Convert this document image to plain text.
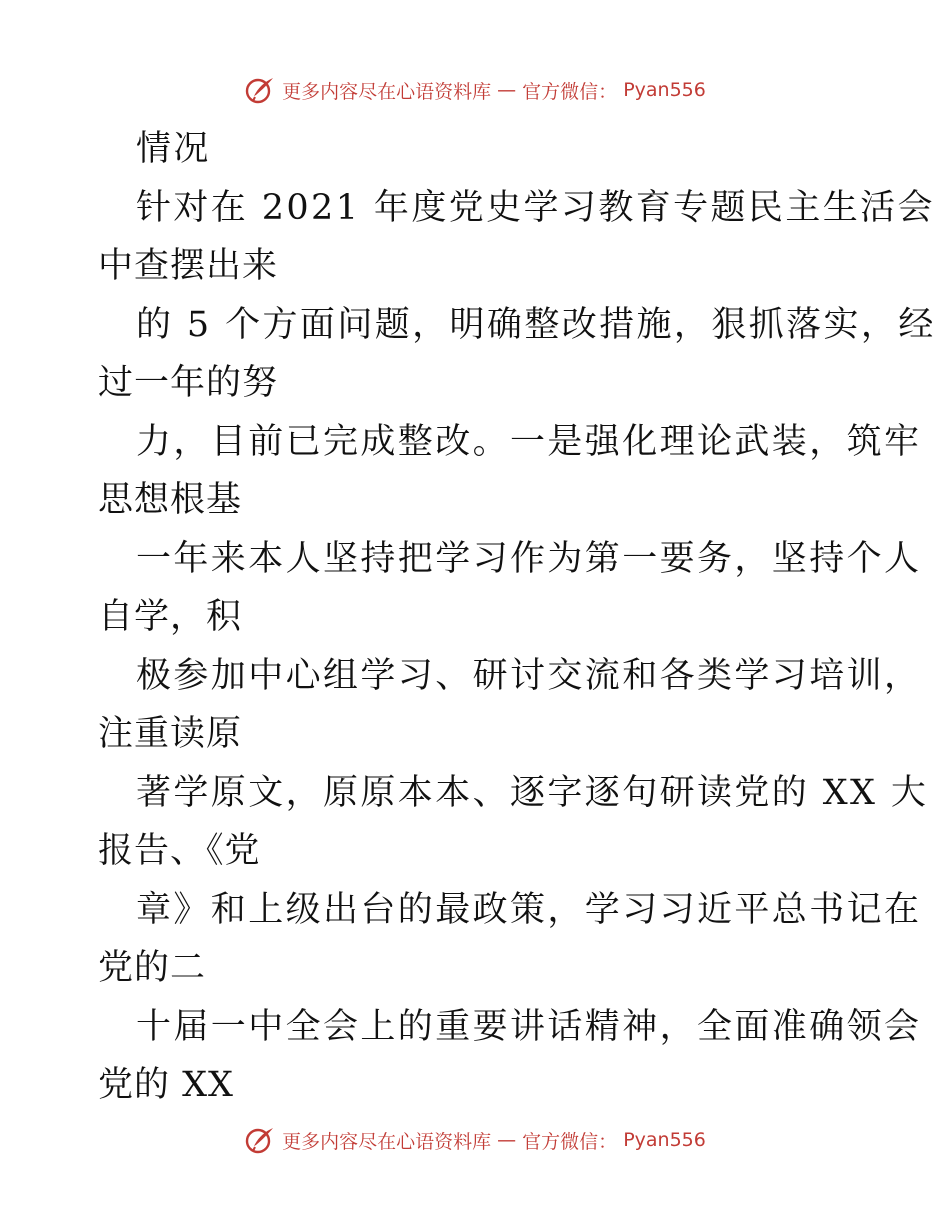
更多内容尽在心语资料库 — 官方微信： Pyan556
情况
针对在 2021 年度党史学习教育专题民主生活会
中查摆出来
的 5 个方面问题，明确整改措施，狠抓落实，经
过一年的努
力，目前已完成整改。一是强化理论武装，筑牢
思想根基
一年来本人坚持把学习作为第一要务，坚持个人
自学，积
极参加中心组学习、研讨交流和各类学习培训，
注重读原
著学原文，原原本本、逐字逐句研读党的 XX 大
报告、《党
章》和上级出台的最政策，学习习近平总书记在
党的二
十届一中全会上的重要讲话精神，全面准确领会
党的 XX
更多内容尽在心语资料库 — 官方微信： Pyan556
